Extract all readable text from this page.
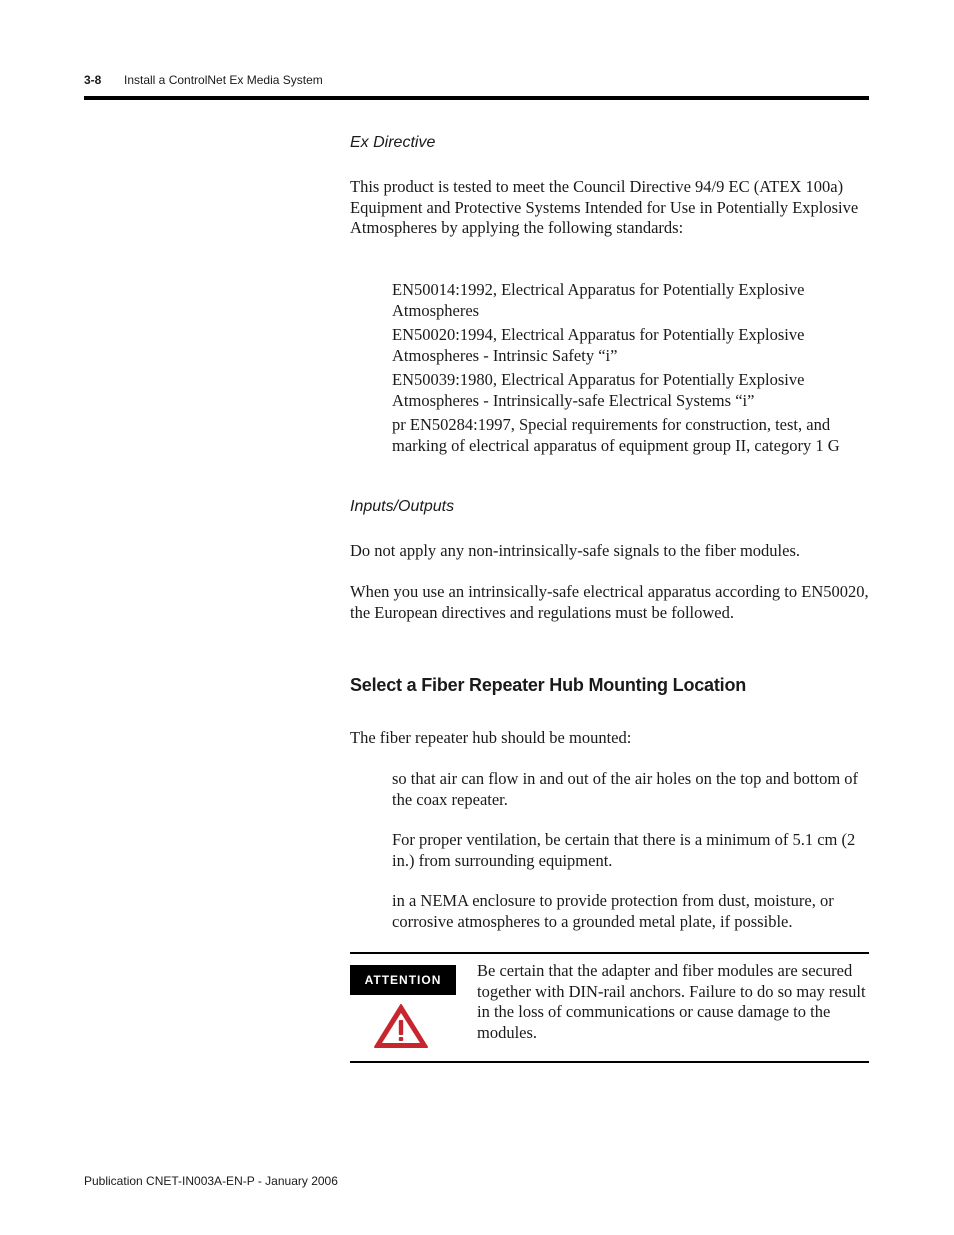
3-8 Install a ControlNet Ex Media System

Ex Directive

This product is tested to meet the Council Directive 94/9 EC (ATEX 100a) Equipment and Protective Systems Intended for Use in Potentially Explosive Atmospheres by applying the following standards:

EN50014:1992, Electrical Apparatus for Potentially Explosive Atmospheres

EN50020:1994, Electrical Apparatus for Potentially Explosive Atmospheres - Intrinsic Safety “i”

EN50039:1980, Electrical Apparatus for Potentially Explosive Atmospheres - Intrinsically-safe Electrical Systems “i”

pr EN50284:1997, Special requirements for construction, test, and marking of electrical apparatus of equipment group II, category 1 G

Inputs/Outputs

Do not apply any non-intrinsically-safe signals to the fiber modules.

When you use an intrinsically-safe electrical apparatus according to EN50020, the European directives and regulations must be followed.

Select a Fiber Repeater Hub Mounting Location

The fiber repeater hub should be mounted:

so that air can flow in and out of the air holes on the top and bottom of the coax repeater.

For proper ventilation, be certain that there is a minimum of 5.1 cm (2 in.) from surrounding equipment.

in a NEMA enclosure to provide protection from dust, moisture, or corrosive atmospheres to a grounded metal plate, if possible.

ATTENTION	Be certain that the adapter and fiber modules are secured together with DIN-rail anchors. Failure to do so may result in the loss of communications or cause damage to the modules.

Publication CNET-IN003A-EN-P - January 2006
